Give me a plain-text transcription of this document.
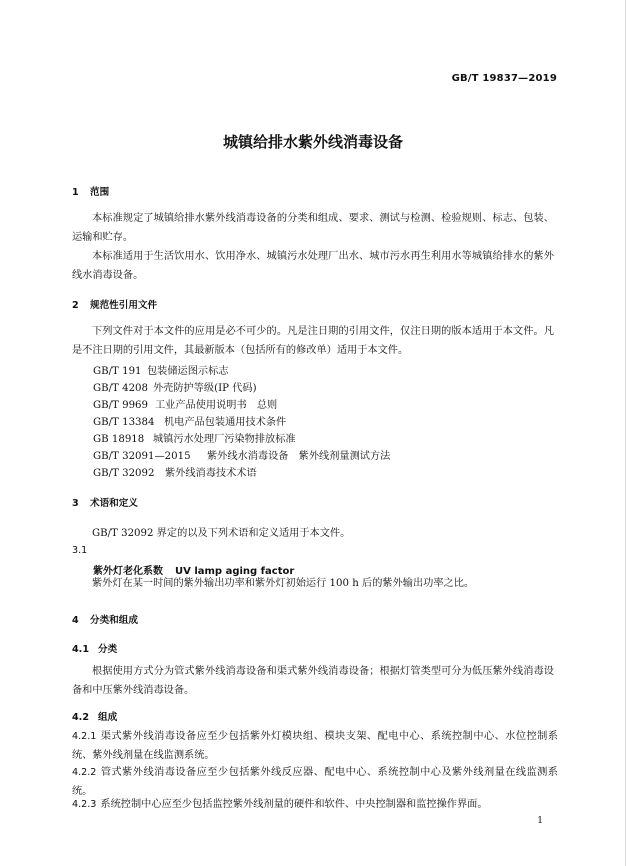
GB/T 19837—2019
城镇给排水紫外线消毒设备
1 范围

本标准规定了城镇给排水紫外线消毒设备的分类和组成、要求、测试与检测、检验规则、标志、包装、运输和贮存。

本标准适用于生活饮用水、饮用净水、城镇污水处理厂出水、城市污水再生利用水等城镇给排水的紫外线水消毒设备。

2 规范性引用文件

下列文件对于本文件的应用是必不可少的。凡是注日期的引用文件，仅注日期的版本适用于本文件。凡是不注日期的引用文件，其最新版本（包括所有的修改单）适用于本文件。

GB/T 191 包装储运图示标志
GB/T 4208 外壳防护等级(IP 代码)
GB/T 9969 工业产品使用说明书　总则
GB/T 13384 机电产品包装通用技术条件
GB 18918 城镇污水处理厂污染物排放标准
GB/T 32091—2015 紫外线水消毒设备　紫外线剂量测试方法
GB/T 32092 紫外线消毒技术术语
3 术语和定义

GB/T 32092 界定的以及下列术语和定义适用于本文件。

3.1
紫外灯老化系数 UV lamp aging factor

紫外灯在某一时间的紫外输出功率和紫外灯初始运行 100 h 后的紫外输出功率之比。

4 分类和组成
4.1 分类

根据使用方式分为管式紫外线消毒设备和渠式紫外线消毒设备；根据灯管类型可分为低压紫外线消毒设备和中压紫外线消毒设备。

4.2 组成

4.2.1 渠式紫外线消毒设备应至少包括紫外灯模块组、模块支架、配电中心、系统控制中心、水位控制系统、紫外线剂量在线监测系统。

4.2.2 管式紫外线消毒设备应至少包括紫外线反应器、配电中心、系统控制中心及紫外线剂量在线监测系统。

4.2.3 系统控制中心应至少包括监控紫外线剂量的硬件和软件、中央控制器和监控操作界面。

1
